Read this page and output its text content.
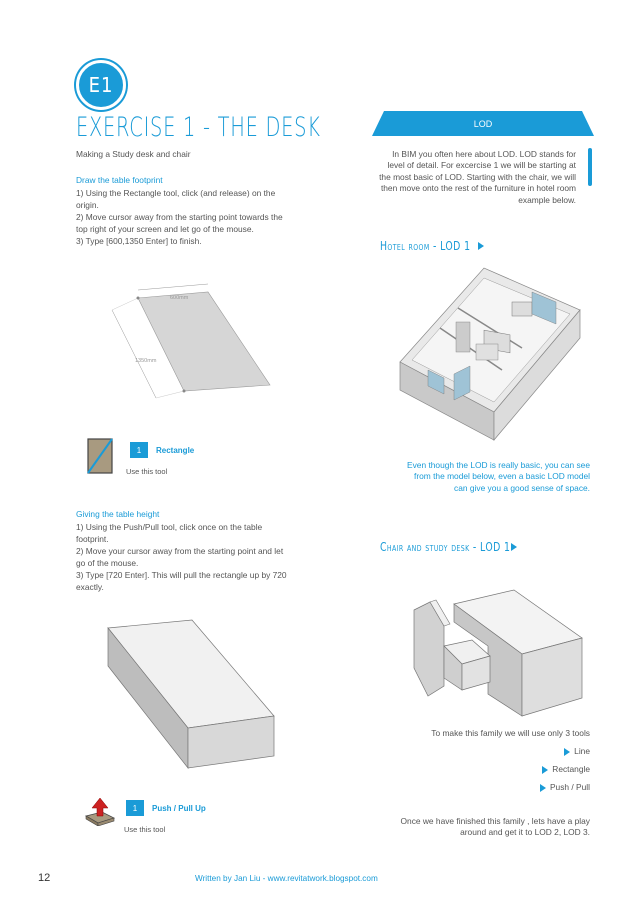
E1
EXERCISE 1 - THE DESK
Making a Study desk and chair
Draw the table footprint
1) Using the Rectangle tool, click (and release) on the origin.
2) Move cursor away from the starting point towards the top right of your screen and let go of the mouse.
3) Type [600,1350 Enter] to finish.
600mm
1350mm
1	Rectangle
Use this tool
Giving the table height
1) Using the Push/Pull tool, click once on the table footprint.
2) Move your cursor away from the starting point and let go of the mouse.
3) Type [720 Enter]. This will pull the rectangle up by 720 exactly.
1	Push / Pull Up
Use this tool
LOD
In BIM you often here about LOD. LOD stands for level of detail. For excercise 1 we will be starting at the most basic of LOD. Starting with the chair, we will then move onto the rest of the furniture in hotel room example below.
Hotel room - LOD 1
Even though the LOD is really basic, you can see from the model below, even a basic LOD model can give you a good sense of space.
Chair and study desk - LOD 1
To make this family we will use only 3 tools
Line
Rectangle
Push / Pull
Once we have finished this family , lets have a play around and get it to LOD 2, LOD 3.
12	Written by Jan Liu - www.revitatwork.blogspot.com
